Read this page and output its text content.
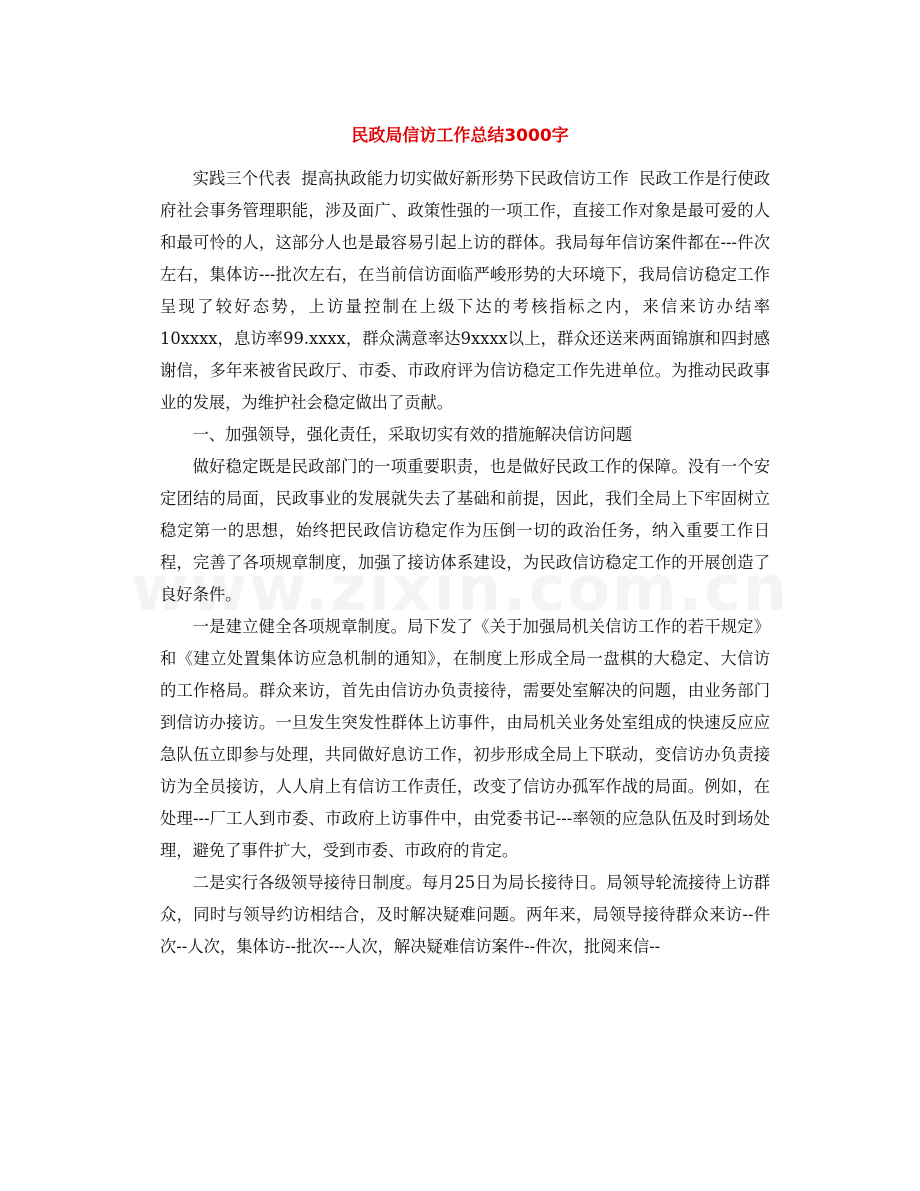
民政局信访工作总结3000字

实践三个代表  提高执政能力切实做好新形势下民政信访工作  民政工作是行使政府社会事务管理职能，涉及面广、政策性强的一项工作，直接工作对象是最可爱的人和最可怜的人，这部分人也是最容易引起上访的群体。我局每年信访案件都在---件次左右，集体访---批次左右，在当前信访面临严峻形势的大环境下，我局信访稳定工作呈现了较好态势，上访量控制在上级下达的考核指标之内，来信来访办结率10xxxx，息访率99.xxxx，群众满意率达9xxxx以上，群众还送来两面锦旗和四封感谢信，多年来被省民政厅、市委、市政府评为信访稳定工作先进单位。为推动民政事业的发展，为维护社会稳定做出了贡献。

一、加强领导，强化责任，采取切实有效的措施解决信访问题

做好稳定既是民政部门的一项重要职责，也是做好民政工作的保障。没有一个安定团结的局面，民政事业的发展就失去了基础和前提，因此，我们全局上下牢固树立稳定第一的思想，始终把民政信访稳定作为压倒一切的政治任务，纳入重要工作日程，完善了各项规章制度，加强了接访体系建设，为民政信访稳定工作的开展创造了良好条件。

一是建立健全各项规章制度。局下发了《关于加强局机关信访工作的若干规定》和《建立处置集体访应急机制的通知》，在制度上形成全局一盘棋的大稳定、大信访的工作格局。群众来访，首先由信访办负责接待，需要处室解决的问题，由业务部门到信访办接访。一旦发生突发性群体上访事件，由局机关业务处室组成的快速反应应急队伍立即参与处理，共同做好息访工作，初步形成全局上下联动，变信访办负责接访为全员接访，人人肩上有信访工作责任，改变了信访办孤军作战的局面。例如，在处理---厂工人到市委、市政府上访事件中，由党委书记---率领的应急队伍及时到场处理，避免了事件扩大，受到市委、市政府的肯定。

二是实行各级领导接待日制度。每月25日为局长接待日。局领导轮流接待上访群众，同时与领导约访相结合，及时解决疑难问题。两年来，局领导接待群众来访--件次--人次，集体访--批次---人次，解决疑难信访案件--件次，批阅来信--
